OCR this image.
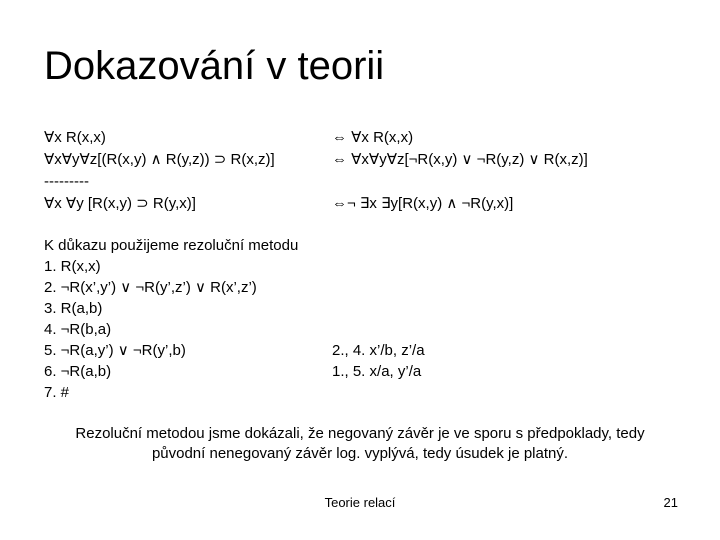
Dokazování v teorii
∀x R(x,x)
∀x∀y∀z[(R(x,y) ∧ R(y,z)) ⊃ R(x,z)]
---------
∀x ∀y [R(x,y) ⊃ R(y,x)]
⇔ ∀x R(x,x)
⇔ ∀x∀y∀z[¬R(x,y) ∨ ¬R(y,z) ∨ R(x,z)]
⇔¬ ∃x ∃y[R(x,y) ∧ ¬R(y,x)]
K důkazu použijeme rezoluční metodu
1. R(x,x)
2. ¬R(x’,y’) ∨ ¬R(y’,z’) ∨ R(x’,z’)
3. R(a,b)
4. ¬R(b,a)
5. ¬R(a,y’) ∨ ¬R(y’,b)
6. ¬R(a,b)
7. #
2., 4. x’/b, z’/a
1., 5. x/a, y’/a
Rezoluční metodou jsme dokázali, že negovaný závěr je ve sporu s předpoklady, tedy
původní nenegovaný závěr log. vyplývá, tedy úsudek je platný.
Teorie relací	21
